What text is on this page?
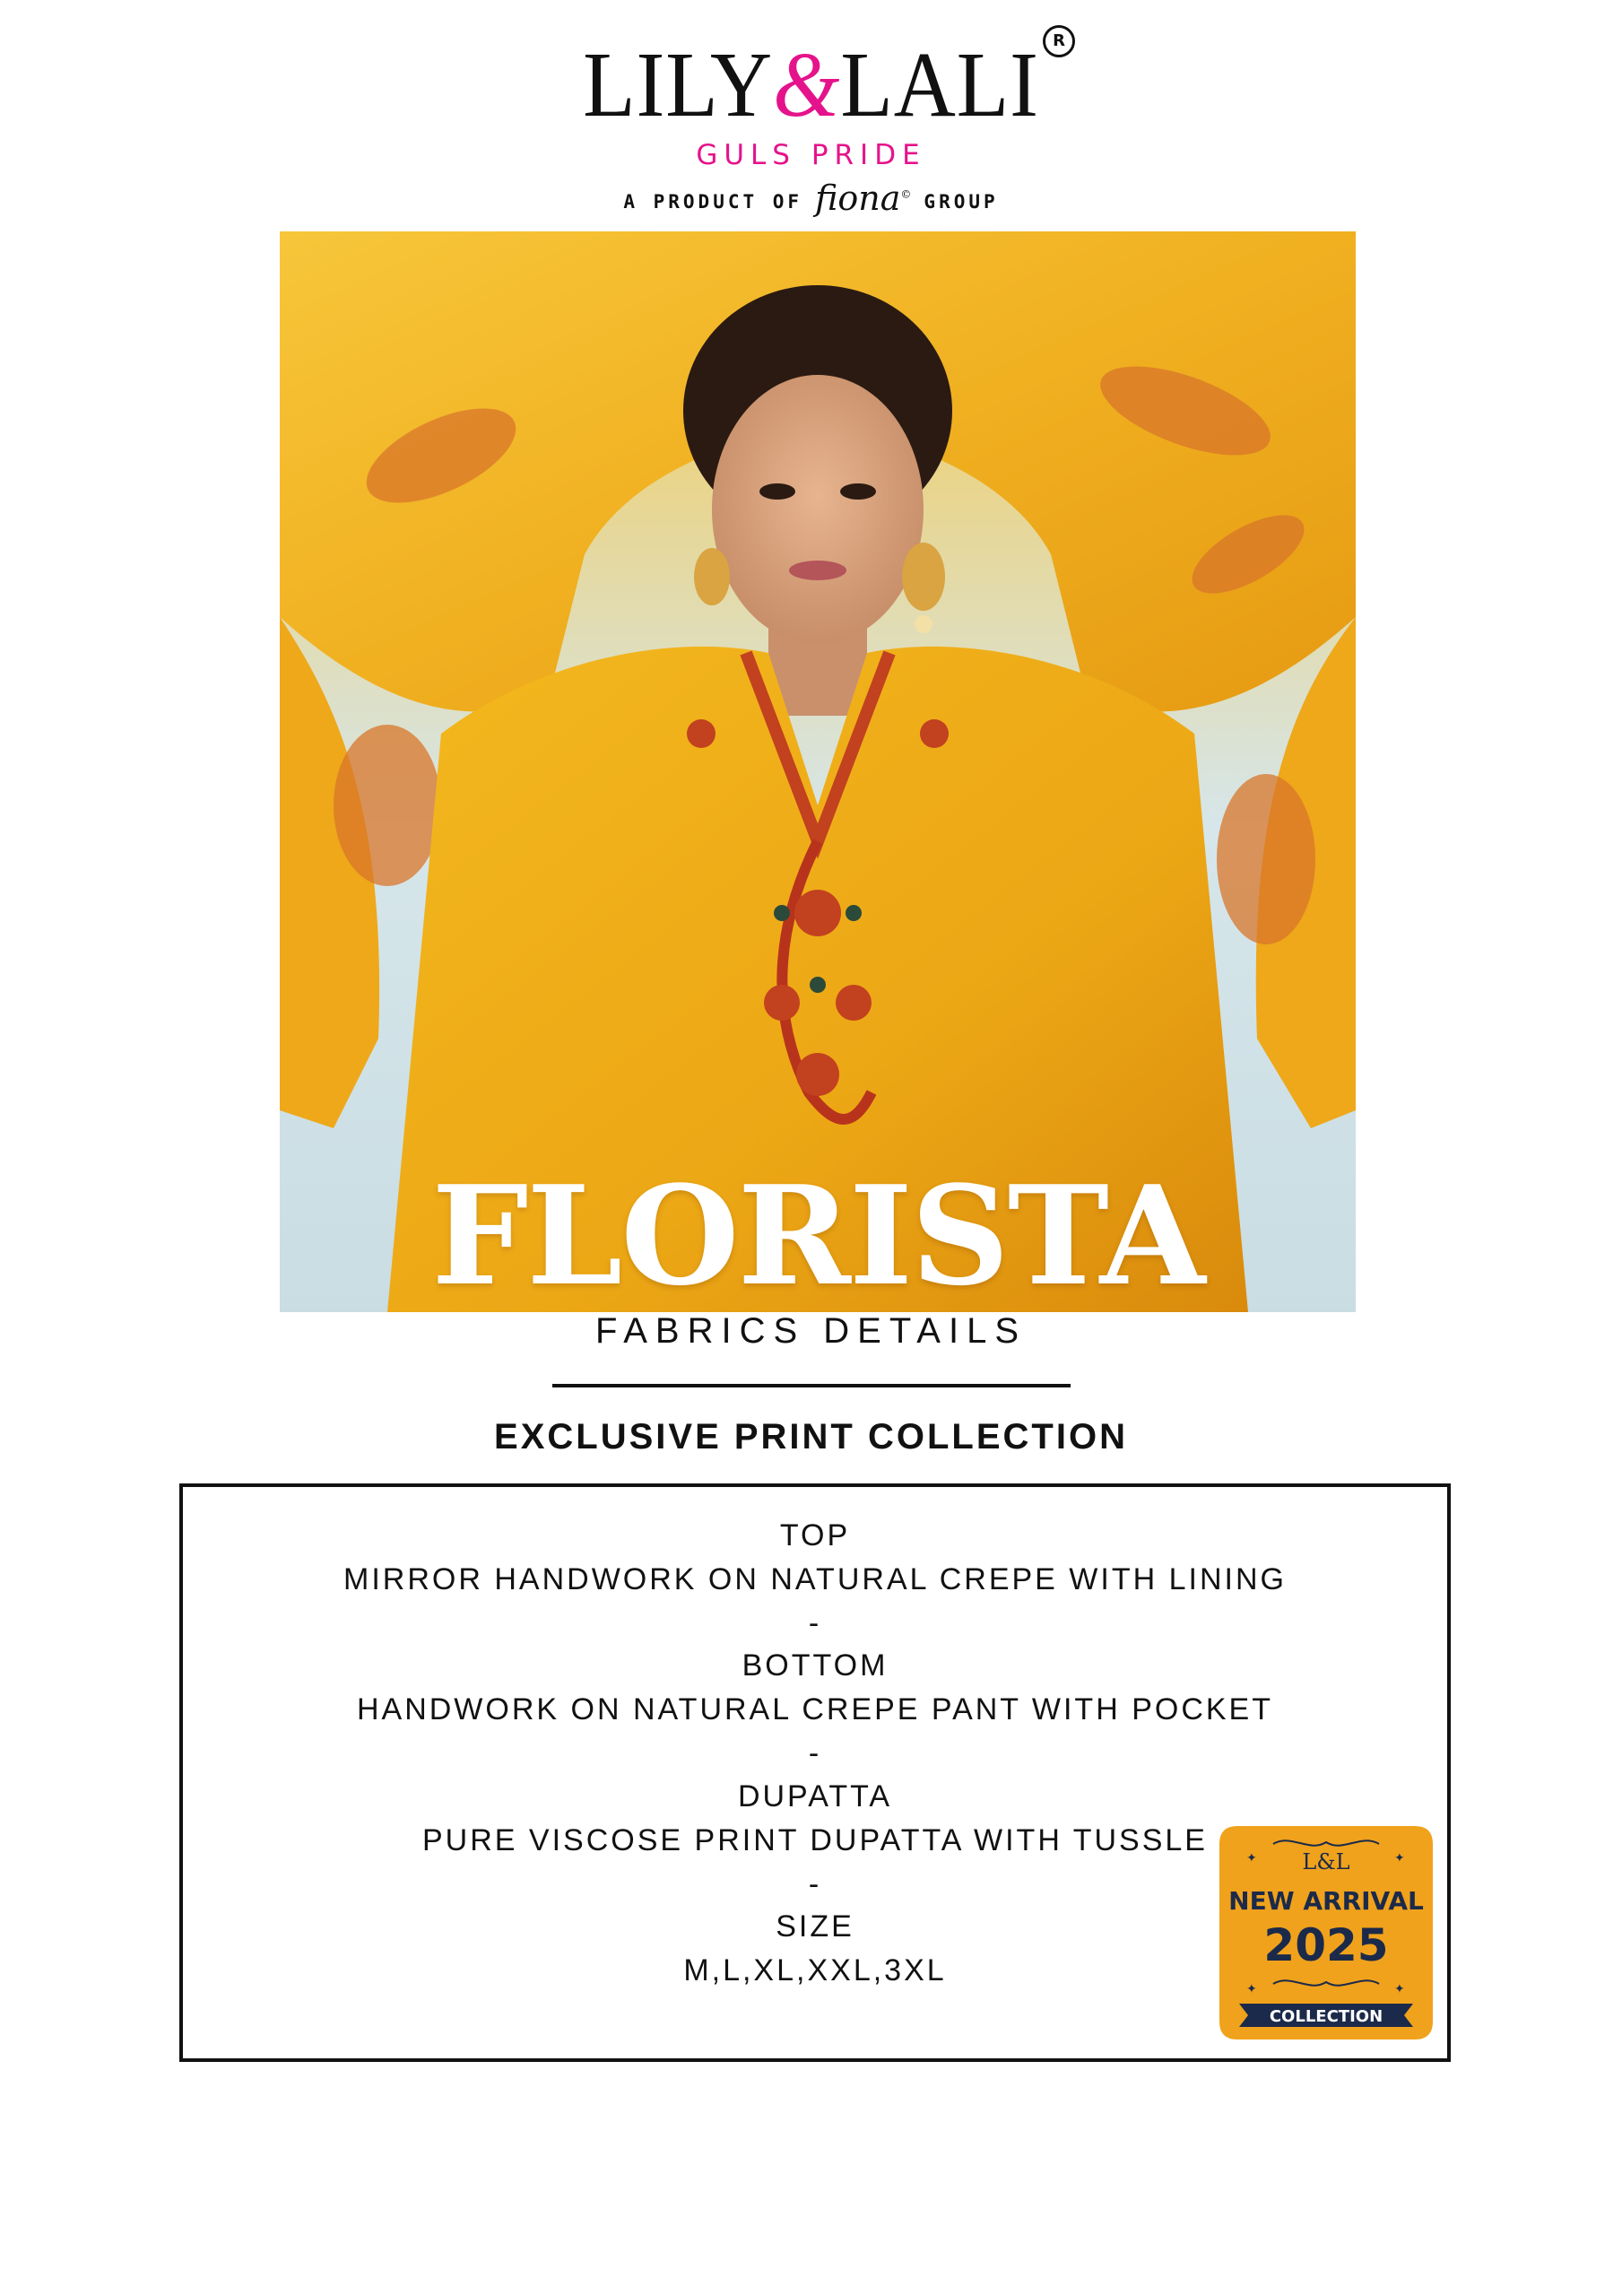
LILY&LALI R
GULS PRIDE
A PRODUCT OF fiona© GROUP
FLORISTA
FABRICS DETAILS
EXCLUSIVE PRINT COLLECTION
TOP
MIRROR HANDWORK ON NATURAL CREPE WITH LINING
-
BOTTOM
HANDWORK ON NATURAL CREPE PANT WITH POCKET
-
DUPATTA
PURE VISCOSE PRINT DUPATTA WITH TUSSLE
-
SIZE
M,L,XL,XXL,3XL
✦	✦
✦	✦
L&L
NEW ARRIVAL
2025
COLLECTION
